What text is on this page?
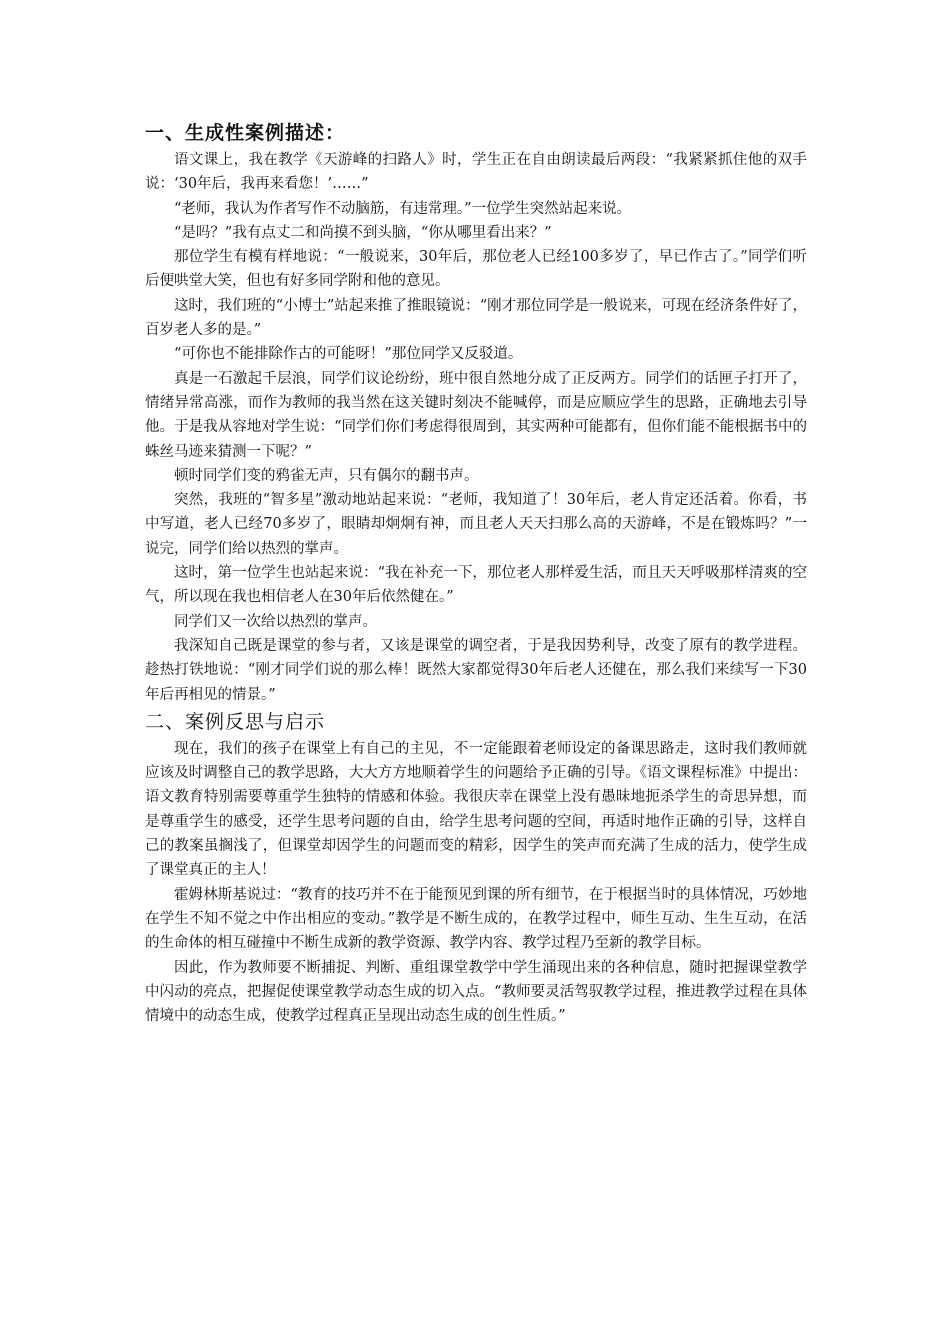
一、生成性案例描述：

语文课上，我在教学《天游峰的扫路人》时，学生正在自由朗读最后两段：“我紧紧抓住他的双手说：‘30年后，我再来看您！’……”

“老师，我认为作者写作不动脑筋，有违常理。”一位学生突然站起来说。

“是吗？”我有点丈二和尚摸不到头脑，“你从哪里看出来？”

那位学生有模有样地说：“一般说来，30年后，那位老人已经100多岁了，早已作古了。”同学们听后便哄堂大笑，但也有好多同学附和他的意见。

这时，我们班的“小博士”站起来推了推眼镜说：“刚才那位同学是一般说来，可现在经济条件好了，百岁老人多的是。”

“可你也不能排除作古的可能呀！”那位同学又反驳道。

真是一石激起千层浪，同学们议论纷纷，班中很自然地分成了正反两方。同学们的话匣子打开了，情绪异常高涨，而作为教师的我当然在这关键时刻决不能喊停，而是应顺应学生的思路，正确地去引导他。于是我从容地对学生说：“同学们你们考虑得很周到，其实两种可能都有，但你们能不能根据书中的蛛丝马迹来猜测一下呢？”

顿时同学们变的鸦雀无声，只有偶尔的翻书声。

突然，我班的“智多星”激动地站起来说：“老师，我知道了！30年后，老人肯定还活着。你看，书中写道，老人已经70多岁了，眼睛却炯炯有神，而且老人天天扫那么高的天游峰，不是在锻炼吗？”一说完，同学们给以热烈的掌声。

这时，第一位学生也站起来说：“我在补充一下，那位老人那样爱生活，而且天天呼吸那样清爽的空气，所以现在我也相信老人在30年后依然健在。”

同学们又一次给以热烈的掌声。

我深知自己既是课堂的参与者，又该是课堂的调空者，于是我因势利导，改变了原有的教学进程。趁热打铁地说：“刚才同学们说的那么棒！既然大家都觉得30年后老人还健在，那么我们来续写一下30年后再相见的情景。”

二、案例反思与启示

现在，我们的孩子在课堂上有自己的主见，不一定能跟着老师设定的备课思路走，这时我们教师就应该及时调整自己的教学思路，大大方方地顺着学生的问题给予正确的引导。《语文课程标准》中提出：语文教育特别需要尊重学生独特的情感和体验。我很庆幸在课堂上没有愚昧地扼杀学生的奇思异想，而是尊重学生的感受，还学生思考问题的自由，给学生思考问题的空间，再适时地作正确的引导，这样自己的教案虽搁浅了，但课堂却因学生的问题而变的精彩，因学生的笑声而充满了生成的活力，使学生成了课堂真正的主人！

霍姆林斯基说过：“教育的技巧并不在于能预见到课的所有细节，在于根据当时的具体情况，巧妙地在学生不知不觉之中作出相应的变动。”教学是不断生成的，在教学过程中，师生互动、生生互动，在活的生命体的相互碰撞中不断生成新的教学资源、教学内容、教学过程乃至新的教学目标。

因此，作为教师要不断捕捉、判断、重组课堂教学中学生涌现出来的各种信息，随时把握课堂教学中闪动的亮点，把握促使课堂教学动态生成的切入点。“教师要灵活驾驭教学过程，推进教学过程在具体情境中的动态生成，使教学过程真正呈现出动态生成的创生性质。”
